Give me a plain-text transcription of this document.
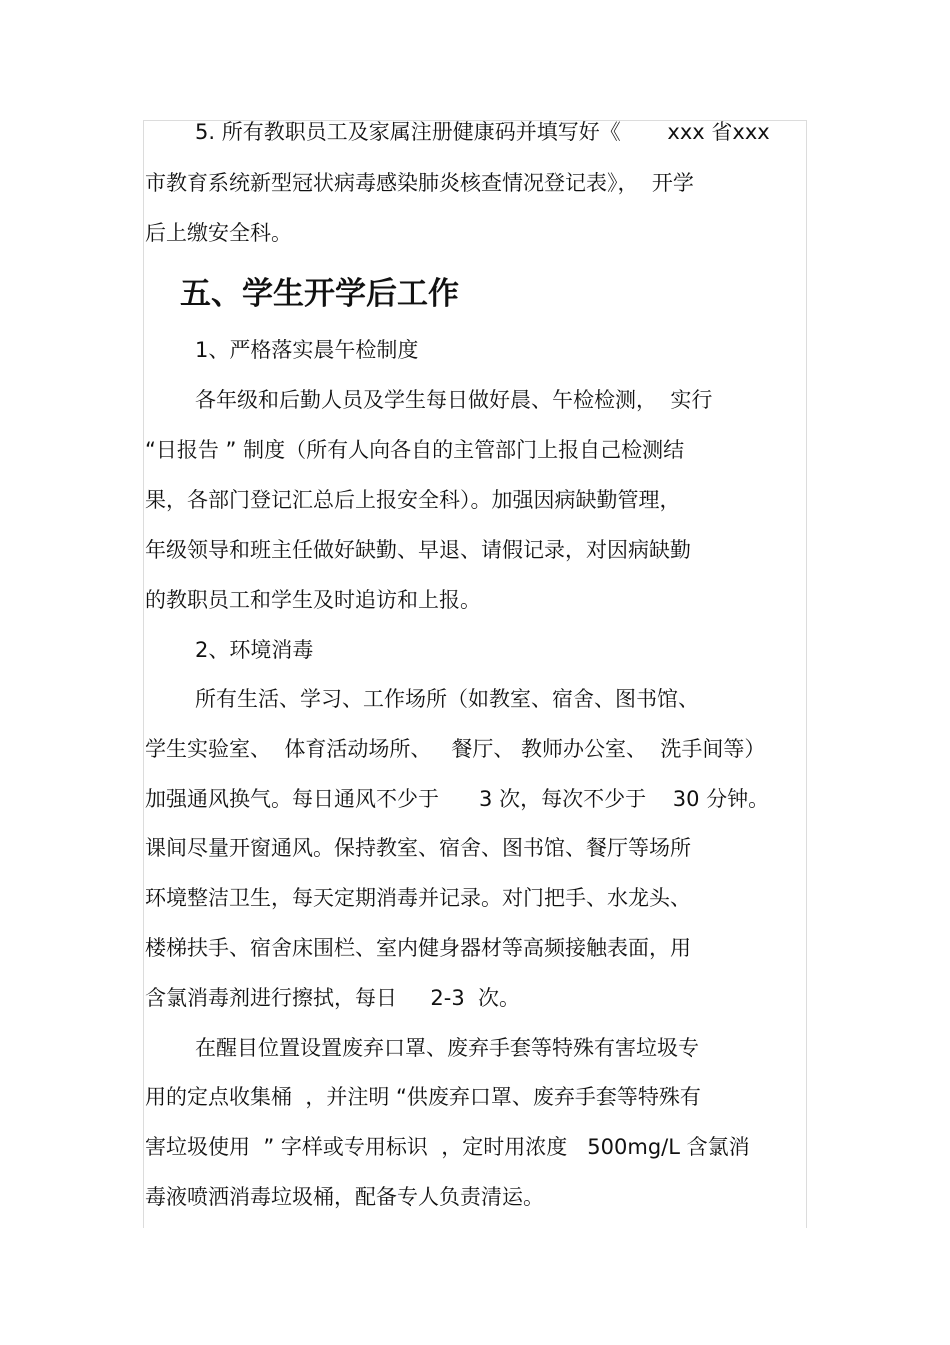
5. 所有教职员工及家属注册健康码并填写好《       xxx 省xxx

市教育系统新型冠状病毒感染肺炎核查情况登记表》，  开学

后上缴安全科。

五、学生开学后工作

1、严格落实晨午检制度

各年级和后勤人员及学生每日做好晨、午检检测，  实行

“日报告 ” 制度（所有人向各自的主管部门上报自己检测结

果，各部门登记汇总后上报安全科）。加强因病缺勤管理，

年级领导和班主任做好缺勤、早退、请假记录，对因病缺勤

的教职员工和学生及时追访和上报。

2、环境消毒

所有生活、学习、工作场所（如教室、宿舍、图书馆、

学生实验室、  体育活动场所、   餐厅、 教师办公室、  洗手间等）

加强通风换气。每日通风不少于      3 次，每次不少于    30 分钟。

课间尽量开窗通风。保持教室、宿舍、图书馆、餐厅等场所

环境整洁卫生，每天定期消毒并记录。对门把手、水龙头、

楼梯扶手、宿舍床围栏、室内健身器材等高频接触表面，用

含氯消毒剂进行擦拭，每日     2-3  次。

在醒目位置设置废弃口罩、废弃手套等特殊有害垃圾专

用的定点收集桶  ，并注明 “供废弃口罩、废弃手套等特殊有

害垃圾使用  ” 字样或专用标识  ，定时用浓度   500mg/L 含氯消

毒液喷洒消毒垃圾桶，配备专人负责清运。
